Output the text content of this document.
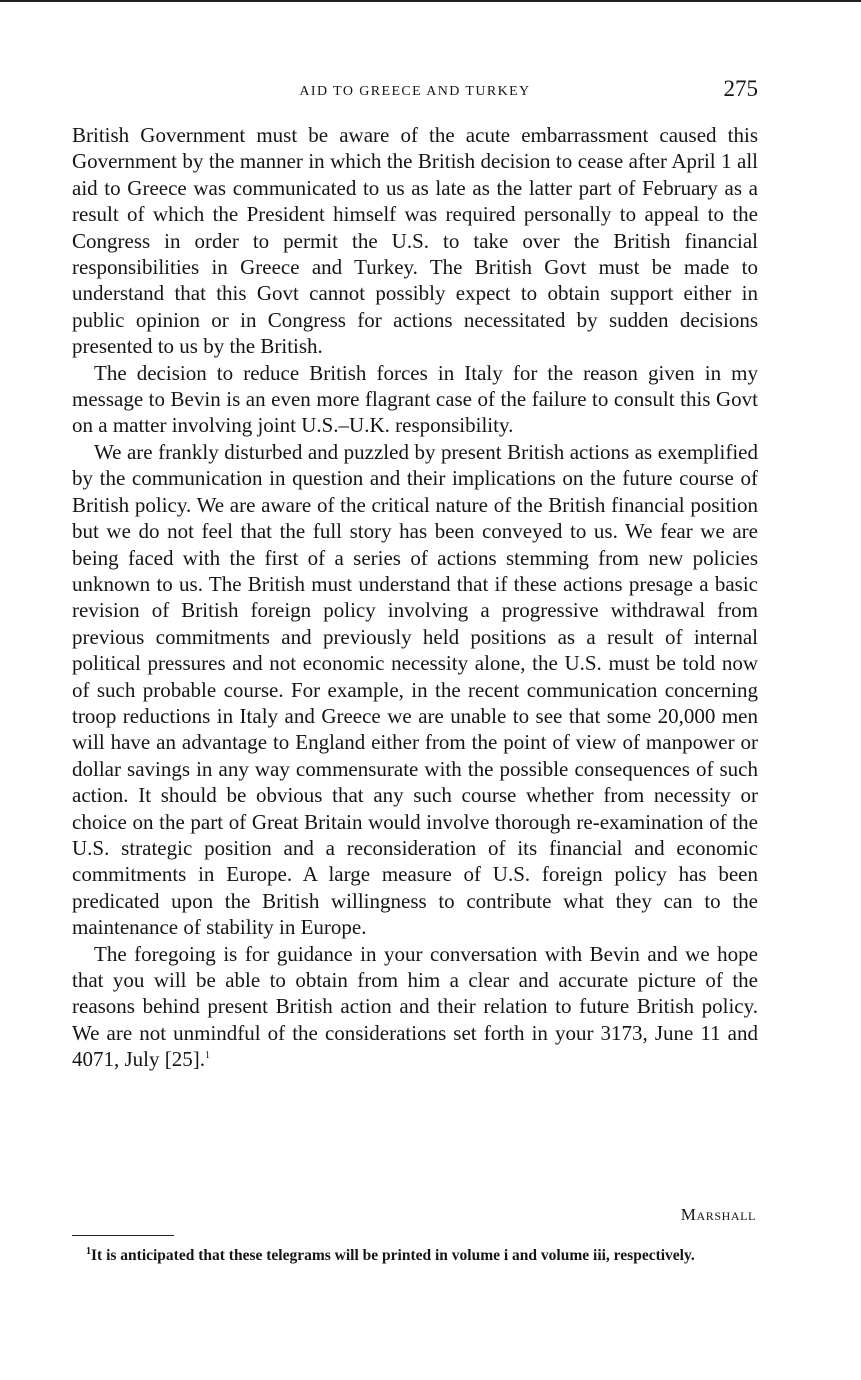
AID TO GREECE AND TURKEY	275

British Government must be aware of the acute embarrassment caused this Government by the manner in which the British decision to cease after April 1 all aid to Greece was communicated to us as late as the latter part of February as a result of which the President himself was required personally to appeal to the Congress in order to permit the U.S. to take over the British financial responsibilities in Greece and Turkey. The British Govt must be made to understand that this Govt cannot possibly expect to obtain support either in public opinion or in Congress for actions necessitated by sudden decisions presented to us by the British.

The decision to reduce British forces in Italy for the reason given in my message to Bevin is an even more flagrant case of the failure to consult this Govt on a matter involving joint U.S.–U.K. responsibility.

We are frankly disturbed and puzzled by present British actions as exemplified by the communication in question and their implications on the future course of British policy. We are aware of the critical nature of the British financial position but we do not feel that the full story has been conveyed to us. We fear we are being faced with the first of a series of actions stemming from new policies unknown to us. The British must understand that if these actions presage a basic revision of British foreign policy involving a progressive withdrawal from previous commitments and previously held positions as a result of internal political pressures and not economic necessity alone, the U.S. must be told now of such probable course. For example, in the recent communication concerning troop reductions in Italy and Greece we are unable to see that some 20,000 men will have an advantage to England either from the point of view of manpower or dollar savings in any way commensurate with the possible consequences of such action. It should be obvious that any such course whether from necessity or choice on the part of Great Britain would involve thorough re-examination of the U.S. strategic position and a reconsideration of its financial and economic commitments in Europe. A large measure of U.S. foreign policy has been predicated upon the British willingness to contribute what they can to the maintenance of stability in Europe.

The foregoing is for guidance in your conversation with Bevin and we hope that you will be able to obtain from him a clear and accurate picture of the reasons behind present British action and their relation to future British policy. We are not unmindful of the considerations set forth in your 3173, June 11 and 4071, July [25].$^1$

Marshall
$^1$It is anticipated that these telegrams will be printed in volume i and volume iii, respectively.
